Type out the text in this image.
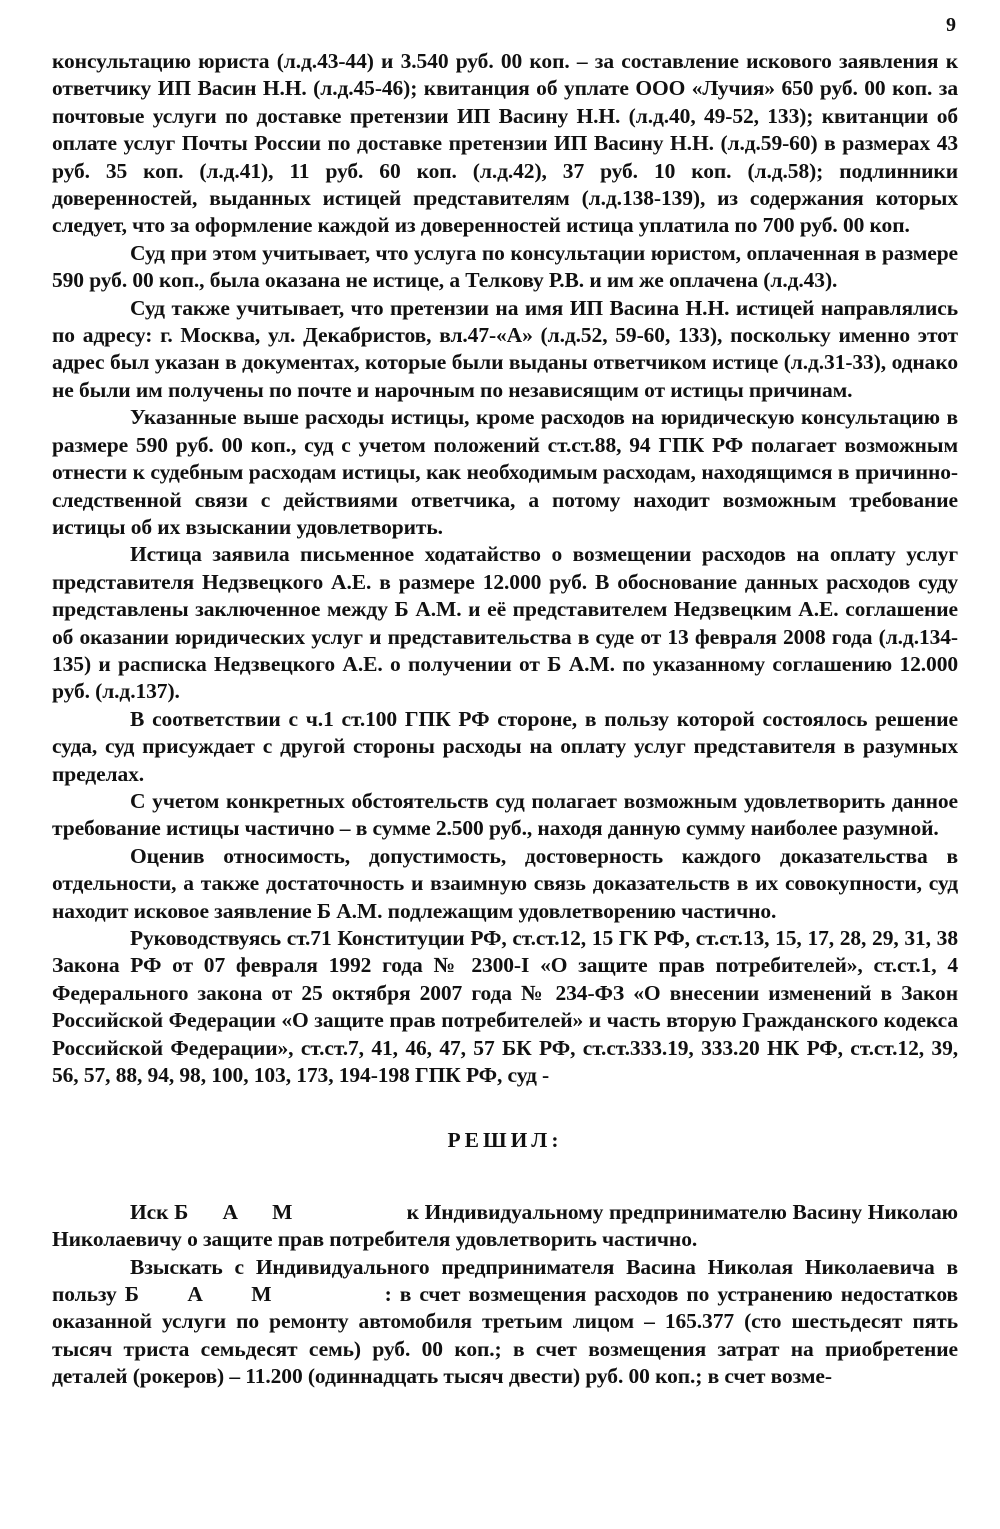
9

консультацию юриста (л.д.43-44) и 3.540 руб. 00 коп. – за составление искового заявления к ответчику ИП Васин Н.Н. (л.д.45-46); квитанция об уплате ООО «Лучия» 650 руб. 00 коп. за почтовые услуги по доставке претензии ИП Васину Н.Н. (л.д.40, 49-52, 133); квитанции об оплате услуг Почты России по доставке претензии ИП Васину Н.Н. (л.д.59-60) в размерах 43 руб. 35 коп. (л.д.41), 11 руб. 60 коп. (л.д.42), 37 руб. 10 коп. (л.д.58); подлинники доверенностей, выданных истицей представителям (л.д.138-139), из содержания которых следует, что за оформление каждой из доверенностей истица уплатила по 700 руб. 00 коп.

Суд при этом учитывает, что услуга по консультации юристом, оплаченная в размере 590 руб. 00 коп., была оказана не истице, а Телкову Р.В. и им же оплачена (л.д.43).

Суд также учитывает, что претензии на имя ИП Васина Н.Н. истицей направлялись по адресу: г. Москва, ул. Декабристов, вл.47-«А» (л.д.52, 59-60, 133), поскольку именно этот адрес был указан в документах, которые были выданы ответчиком истице (л.д.31-33), однако не были им получены по почте и нарочным по независящим от истицы причинам.

Указанные выше расходы истицы, кроме расходов на юридическую консультацию в размере 590 руб. 00 коп., суд с учетом положений ст.ст.88, 94 ГПК РФ полагает возможным отнести к судебным расходам истицы, как необходимым расходам, находящимся в причинно-следственной связи с действиями ответчика, а потому находит возможным требование истицы об их взыскании удовлетворить.

Истица заявила письменное ходатайство о возмещении расходов на оплату услуг представителя Недзвецкого А.Е. в размере 12.000 руб. В обоснование данных расходов суду представлены заключенное между Б А.М. и её представителем Недзвецким А.Е. соглашение об оказании юридических услуг и представительства в суде от 13 февраля 2008 года (л.д.134-135) и расписка Недзвецкого А.Е. о получении от Б А.М. по указанному соглашению 12.000 руб. (л.д.137).

В соответствии с ч.1 ст.100 ГПК РФ стороне, в пользу которой состоялось решение суда, суд присуждает с другой стороны расходы на оплату услуг представителя в разумных пределах.

С учетом конкретных обстоятельств суд полагает возможным удовлетворить данное требование истицы частично – в сумме 2.500 руб., находя данную сумму наиболее разумной.

Оценив относимость, допустимость, достоверность каждого доказательства в отдельности, а также достаточность и взаимную связь доказательств в их совокупности, суд находит исковое заявление Б А.М. подлежащим удовлетворению частично.

Руководствуясь ст.71 Конституции РФ, ст.ст.12, 15 ГК РФ, ст.ст.13, 15, 17, 28, 29, 31, 38 Закона РФ от 07 февраля 1992 года № 2300-I «О защите прав потребителей», ст.ст.1, 4 Федерального закона от 25 октября 2007 года № 234-ФЗ «О внесении изменений в Закон Российской Федерации «О защите прав потребителей» и часть вторую Гражданского кодекса Российской Федерации», ст.ст.7, 41, 46, 47, 57 БК РФ, ст.ст.333.19, 333.20 НК РФ, ст.ст.12, 39, 56, 57, 88, 94, 98, 100, 103, 173, 194-198 ГПК РФ, суд -

РЕШИЛ:

Иск Б      А      М                    к Индивидуальному предпринимателю Васину Николаю Николаевичу о защите прав потребителя удовлетворить частично.

Взыскать с Индивидуального предпринимателя Васина Николая Николаевича в пользу Б      А      М              : в счет возмещения расходов по устранению недостатков оказанной услуги по ремонту автомобиля третьим лицом – 165.377 (сто шестьдесят пять тысяч триста семьдесят семь) руб. 00 коп.; в счет возмещения затрат на приобретение деталей (рокеров) – 11.200 (одиннадцать тысяч двести) руб. 00 коп.; в счет возме-
